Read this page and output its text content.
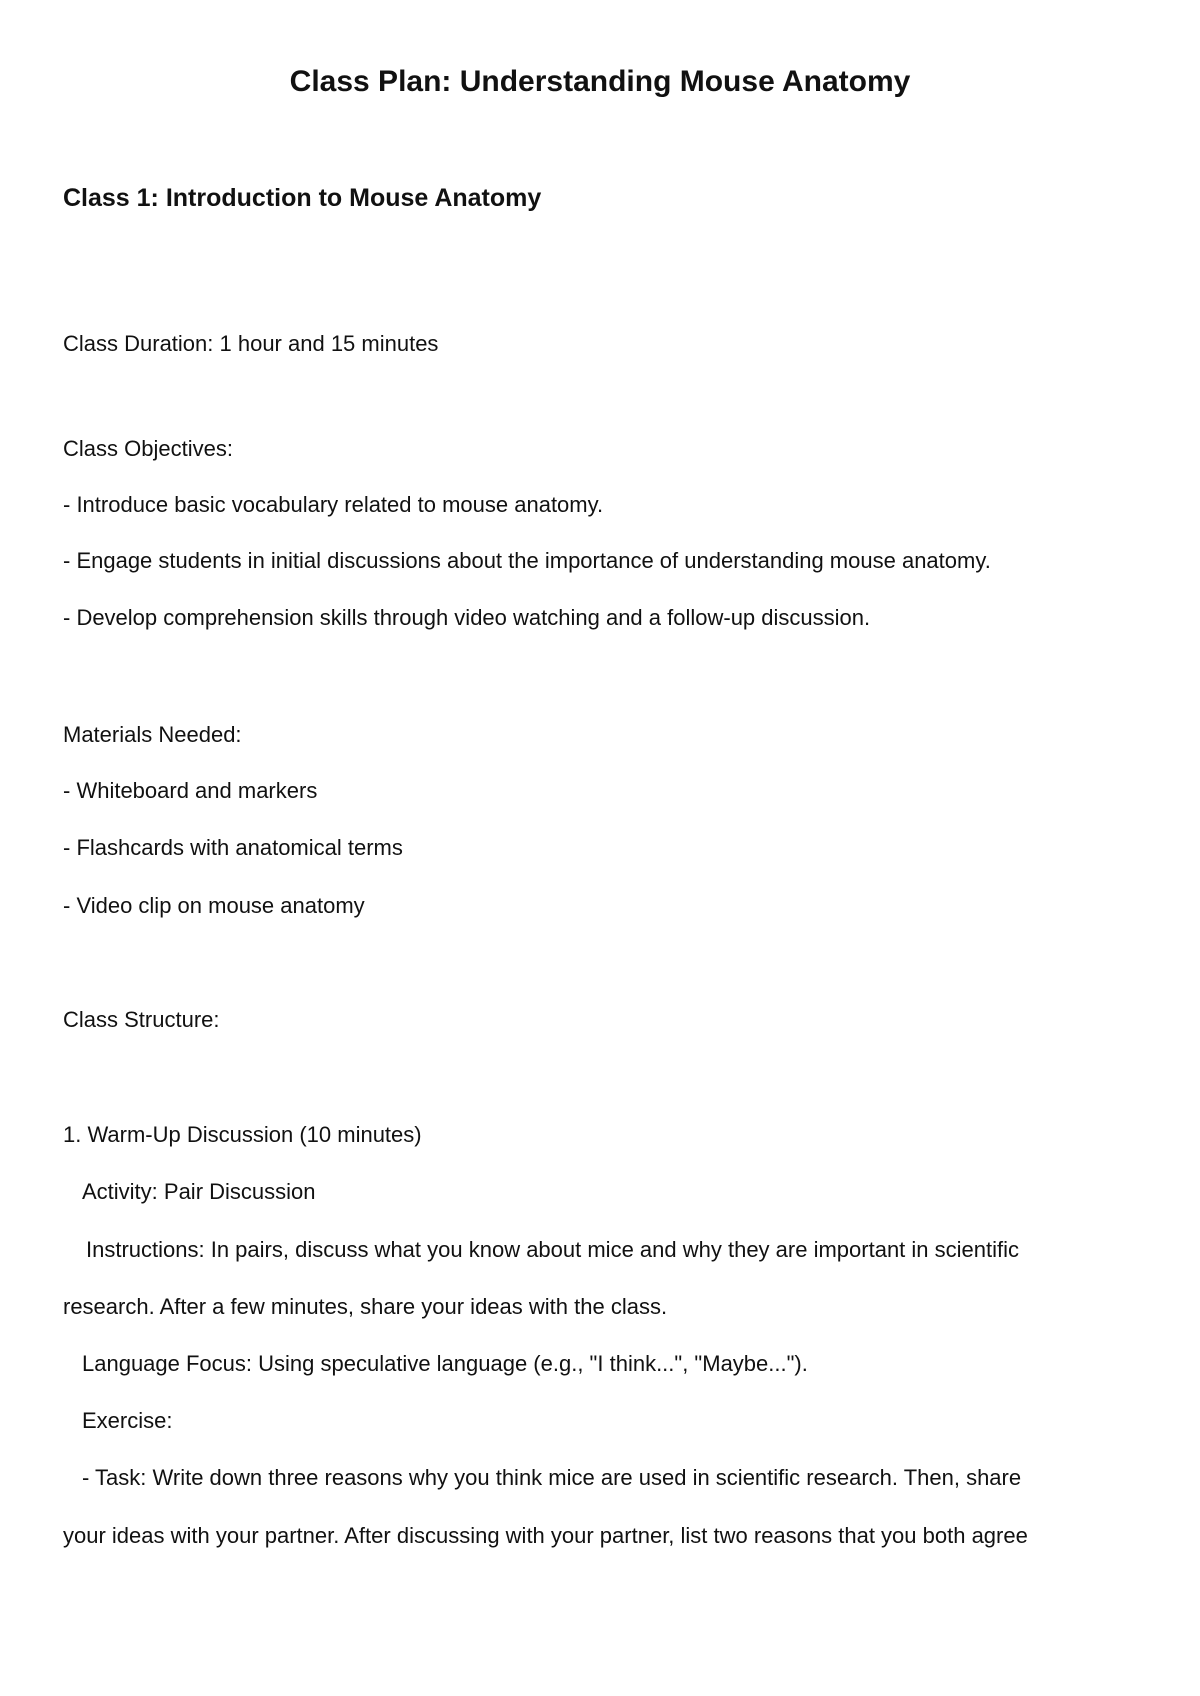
Class Plan: Understanding Mouse Anatomy
Class 1: Introduction to Mouse Anatomy
Class Duration: 1 hour and 15 minutes
Class Objectives:
- Introduce basic vocabulary related to mouse anatomy.
- Engage students in initial discussions about the importance of understanding mouse anatomy.
- Develop comprehension skills through video watching and a follow-up discussion.
Materials Needed:
- Whiteboard and markers
- Flashcards with anatomical terms
- Video clip on mouse anatomy
Class Structure:
1. Warm-Up Discussion (10 minutes)
Activity: Pair Discussion
Instructions: In pairs, discuss what you know about mice and why they are important in scientific
research. After a few minutes, share your ideas with the class.
Language Focus: Using speculative language (e.g., "I think...", "Maybe...").
Exercise:
- Task: Write down three reasons why you think mice are used in scientific research. Then, share
your ideas with your partner. After discussing with your partner, list two reasons that you both agree
